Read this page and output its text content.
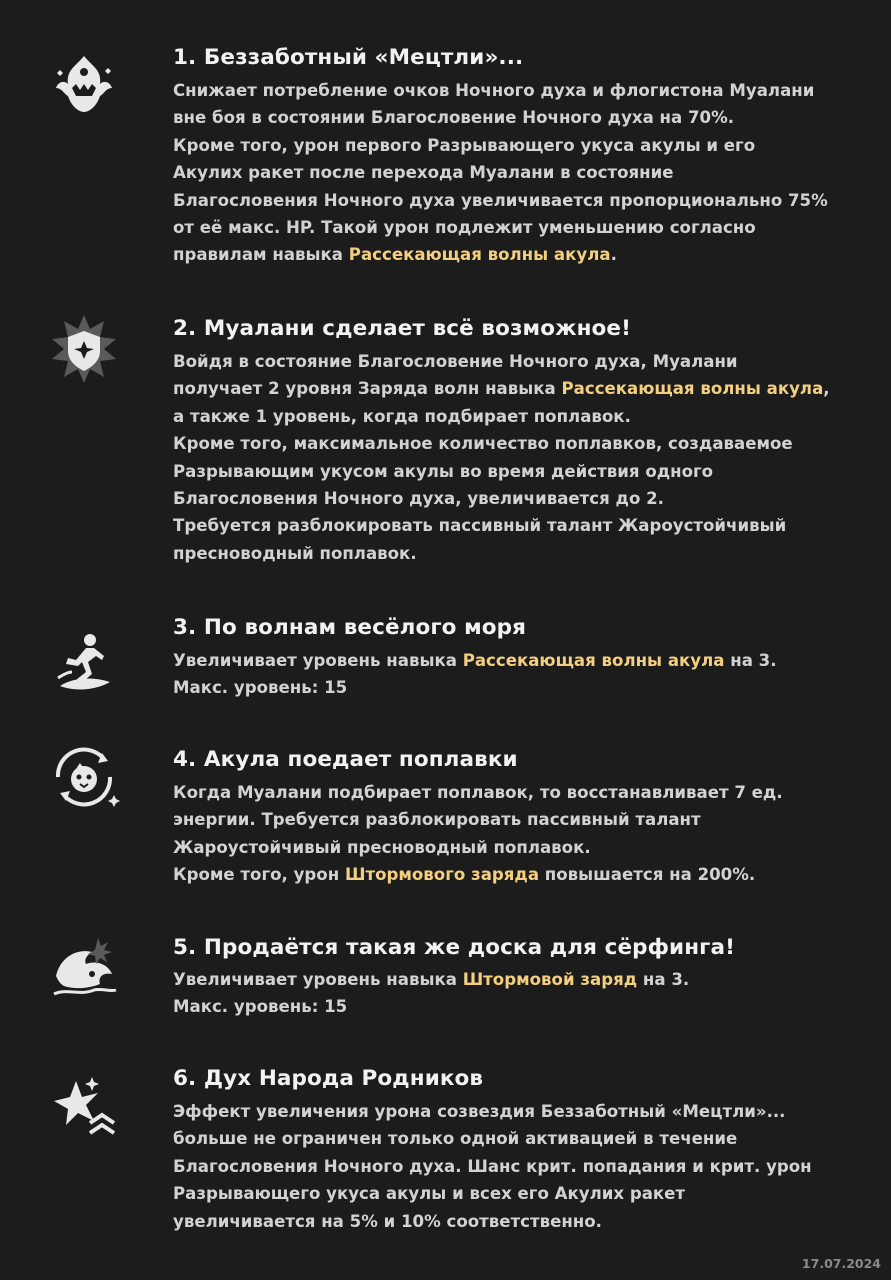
1. Беззаботный «Мецтли»...
Снижает потребление очков Ночного духа и флогистона Муалани
вне боя в состоянии Благословение Ночного духа на 70%.
Кроме того, урон первого Разрывающего укуса акулы и его
Акулих ракет после перехода Муалани в состояние
Благословения Ночного духа увеличивается пропорционально 75%
от её макс. HP. Такой урон подлежит уменьшению согласно
правилам навыка Рассекающая волны акула.
2. Муалани сделает всё возможное!
Войдя в состояние Благословение Ночного духа, Муалани
получает 2 уровня Заряда волн навыка Рассекающая волны акула,
а также 1 уровень, когда подбирает поплавок.
Кроме того, максимальное количество поплавков, создаваемое
Разрывающим укусом акулы во время действия одного
Благословения Ночного духа, увеличивается до 2.
Требуется разблокировать пассивный талант Жароустойчивый
пресноводный поплавок.
3. По волнам весёлого моря
Увеличивает уровень навыка Рассекающая волны акула на 3.
Макс. уровень: 15
4. Акула поедает поплавки
Когда Муалани подбирает поплавок, то восстанавливает 7 ед.
энергии. Требуется разблокировать пассивный талант
Жароустойчивый пресноводный поплавок.
Кроме того, урон Штормового заряда повышается на 200%.
5. Продаётся такая же доска для сёрфинга!
Увеличивает уровень навыка Штормовой заряд на 3.
Макс. уровень: 15
6. Дух Народа Родников
Эффект увеличения урона созвездия Беззаботный «Мецтли»...
больше не ограничен только одной активацией в течение
Благословения Ночного духа. Шанс крит. попадания и крит. урон
Разрывающего укуса акулы и всех его Акулих ракет
увеличивается на 5% и 10% соответственно.
17.07.2024
